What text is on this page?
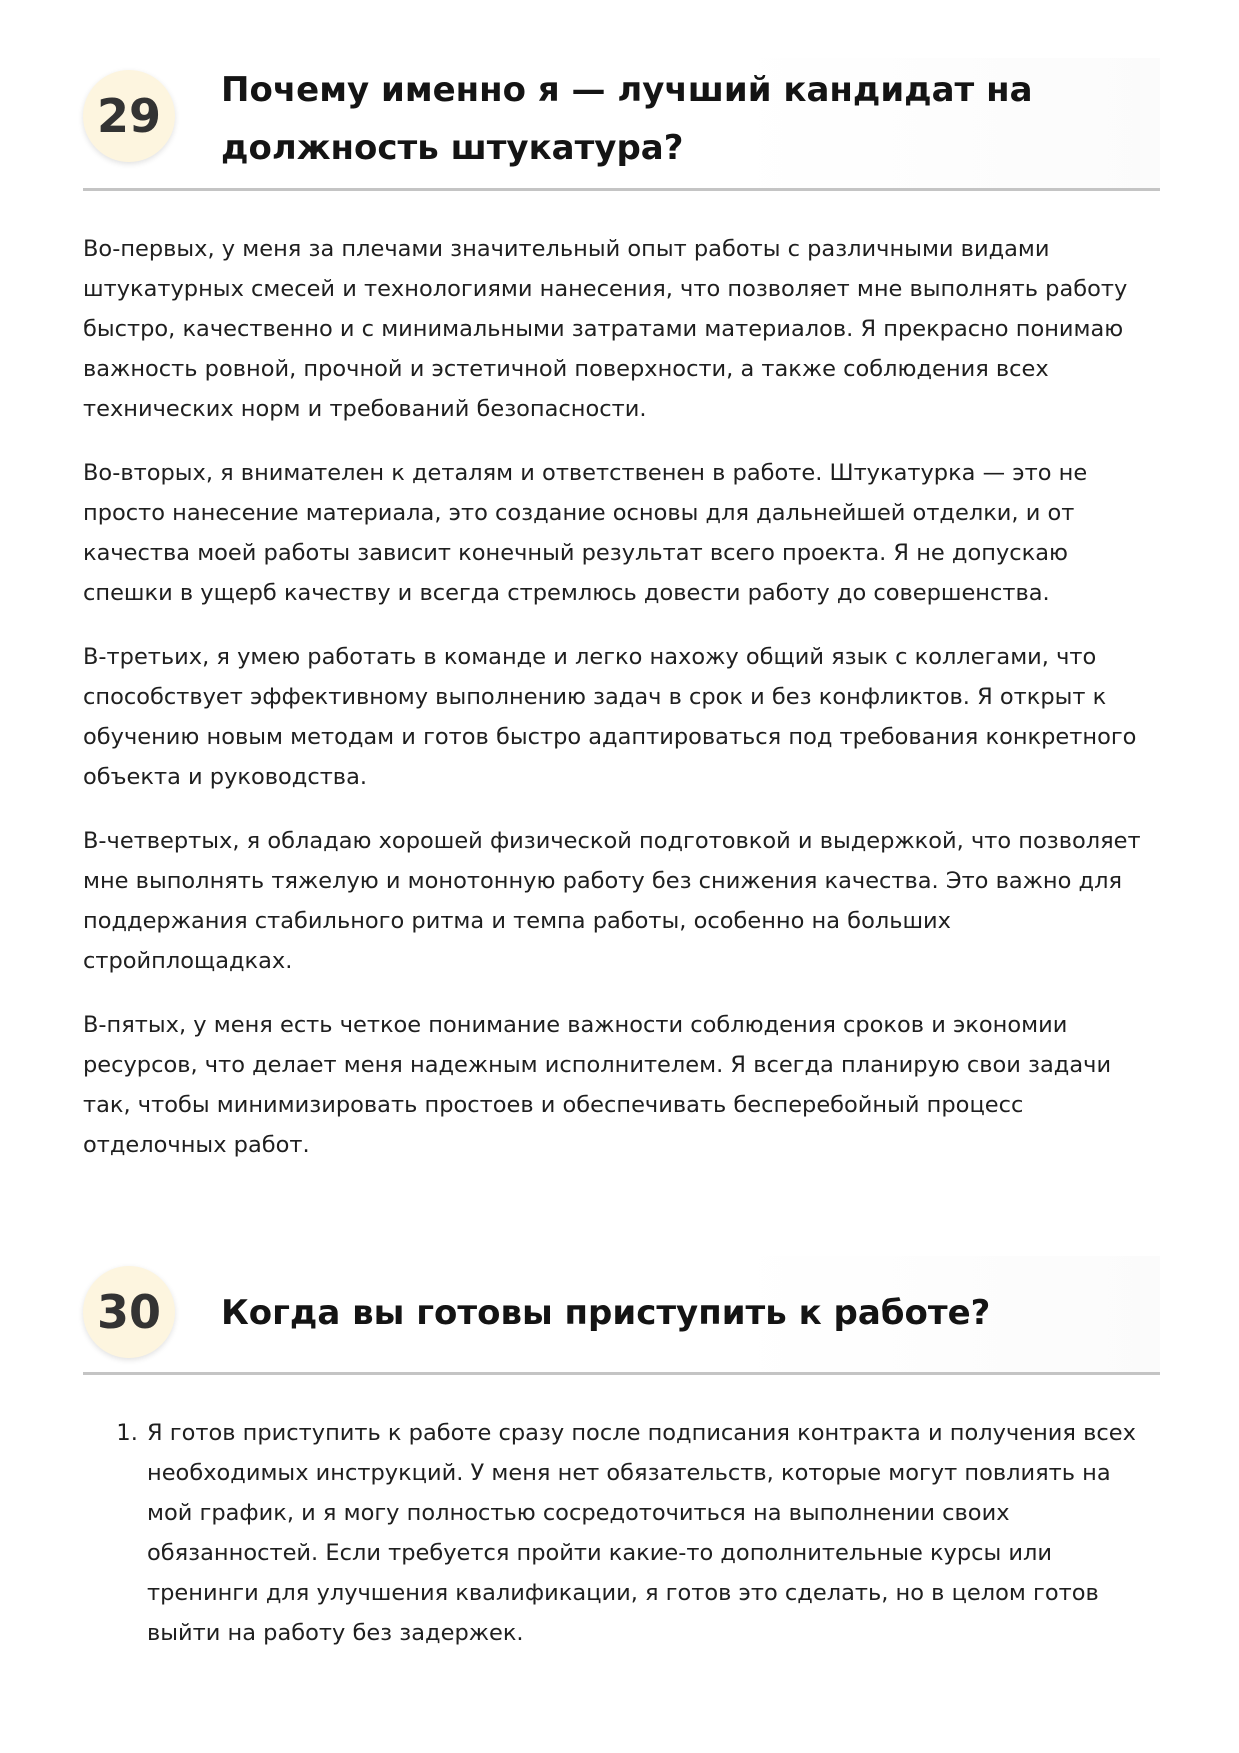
29	Почему именно я — лучший кандидат на должность штукатура?

Во-первых, у меня за плечами значительный опыт работы с различными видами штукатурных смесей и технологиями нанесения, что позволяет мне выполнять работу быстро, качественно и с минимальными затратами материалов. Я прекрасно понимаю важность ровной, прочной и эстетичной поверхности, а также соблюдения всех технических норм и требований безопасности.

Во-вторых, я внимателен к деталям и ответственен в работе. Штукатурка — это не просто нанесение материала, это создание основы для дальнейшей отделки, и от качества моей работы зависит конечный результат всего проекта. Я не допускаю спешки в ущерб качеству и всегда стремлюсь довести работу до совершенства.

В-третьих, я умею работать в команде и легко нахожу общий язык с коллегами, что способствует эффективному выполнению задач в срок и без конфликтов. Я открыт к обучению новым методам и готов быстро адаптироваться под требования конкретного объекта и руководства.

В-четвертых, я обладаю хорошей физической подготовкой и выдержкой, что позволяет мне выполнять тяжелую и монотонную работу без снижения качества. Это важно для поддержания стабильного ритма и темпа работы, особенно на больших стройплощадках.

В-пятых, у меня есть четкое понимание важности соблюдения сроков и экономии ресурсов, что делает меня надежным исполнителем. Я всегда планирую свои задачи так, чтобы минимизировать простоев и обеспечивать бесперебойный процесс отделочных работ.

30	Когда вы готовы приступить к работе?
1. Я готов приступить к работе сразу после подписания контракта и получения всех необходимых инструкций. У меня нет обязательств, которые могут повлиять на мой график, и я могу полностью сосредоточиться на выполнении своих обязанностей. Если требуется пройти какие-то дополнительные курсы или тренинги для улучшения квалификации, я готов это сделать, но в целом готов выйти на работу без задержек.
